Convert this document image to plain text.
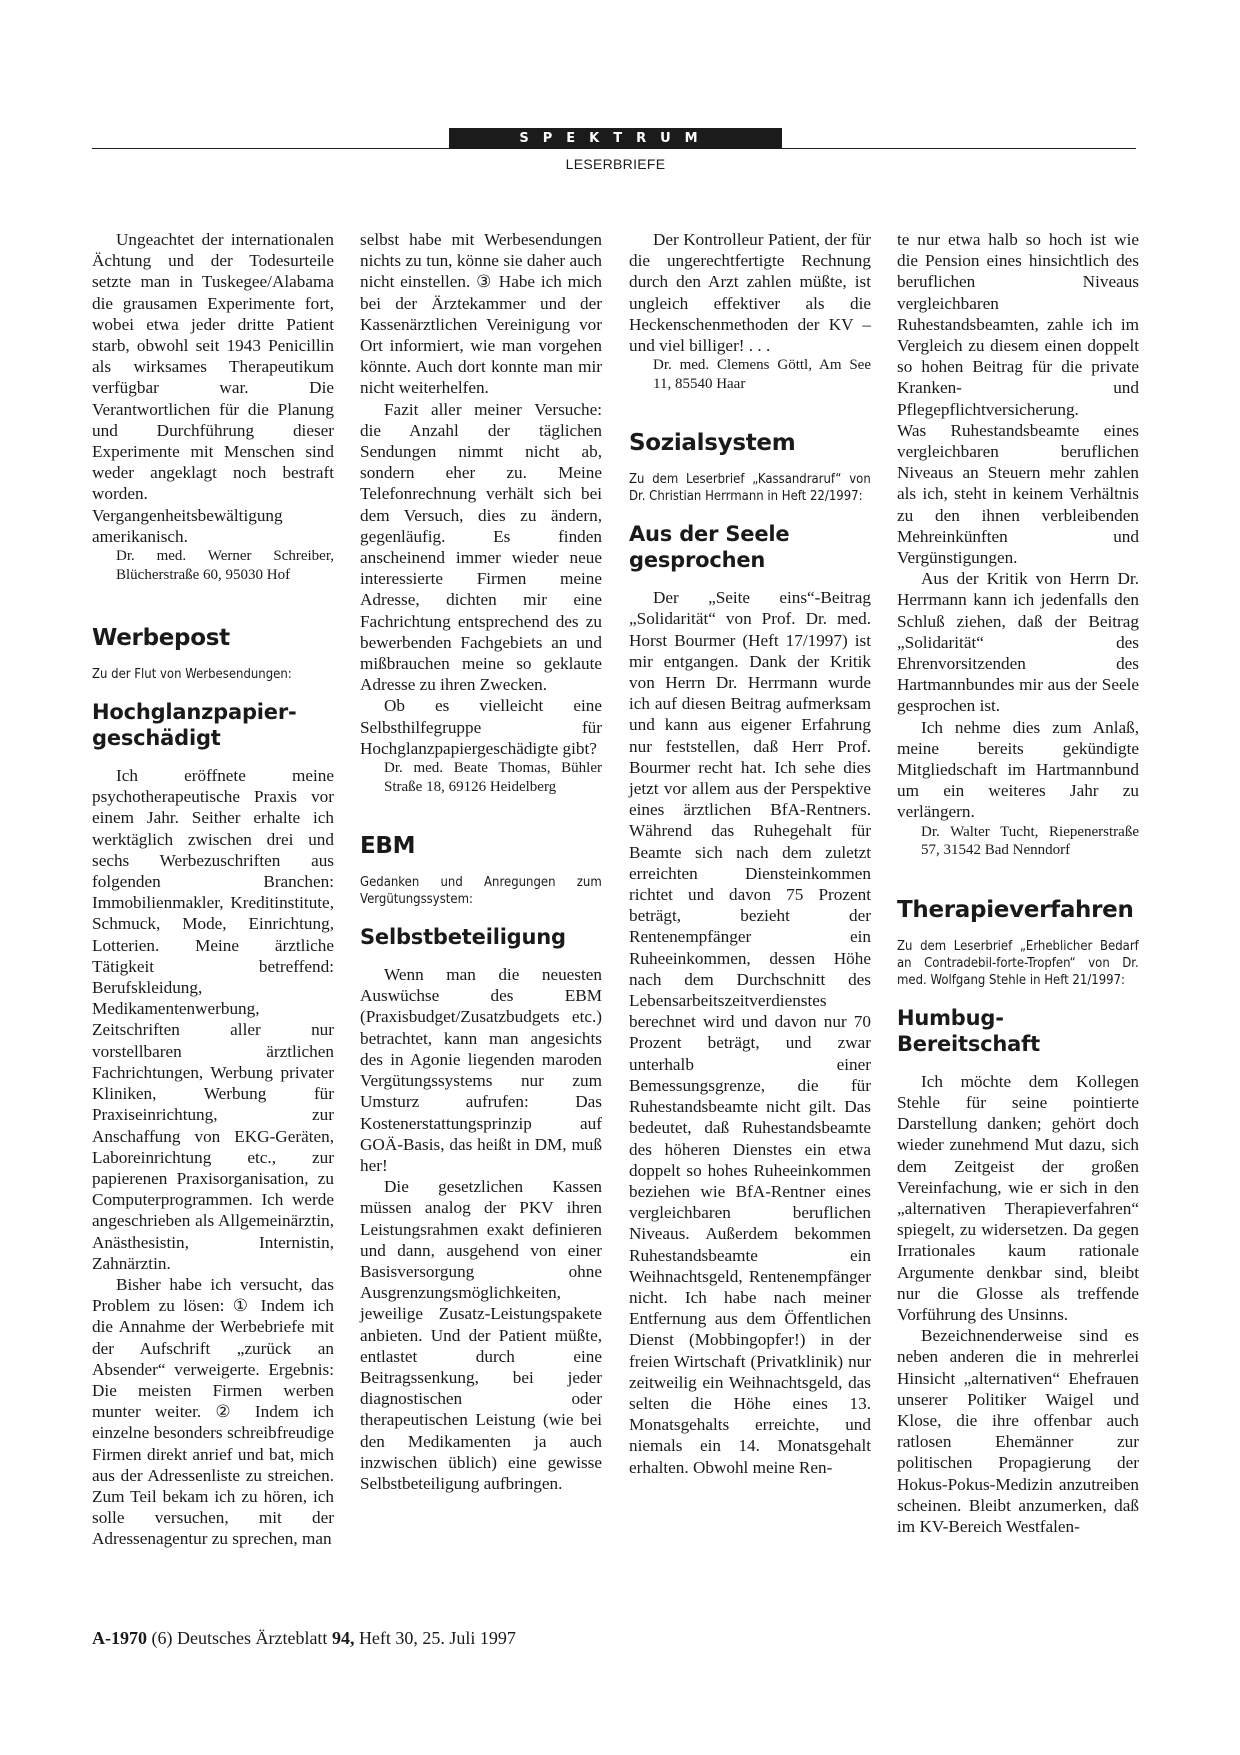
SPEKTRUM
LESERBRIEFE

Ungeachtet der internationalen Ächtung und der Todesurteile setzte man in Tuskegee/Alabama die grausamen Experimente fort, wobei etwa jeder dritte Patient starb, obwohl seit 1943 Penicillin als wirksames Therapeutikum verfügbar war. Die Verantwortlichen für die Planung und Durchführung dieser Experimente mit Menschen sind weder angeklagt noch bestraft worden. Vergangenheitsbewältigung amerikanisch.

Dr. med. Werner Schreiber, Blücherstraße 60, 95030 Hof

Werbepost

Zu der Flut von Werbesendungen:

Hochglanzpapier-geschädigt

Ich eröffnete meine psychotherapeutische Praxis vor einem Jahr. Seither erhalte ich werktäglich zwischen drei und sechs Werbezuschriften aus folgenden Branchen: Immobilienmakler, Kreditinstitute, Schmuck, Mode, Einrichtung, Lotterien. Meine ärztliche Tätigkeit betreffend: Berufskleidung, Medikamentenwerbung, Zeitschriften aller nur vorstellbaren ärztlichen Fachrichtungen, Werbung privater Kliniken, Werbung für Praxiseinrichtung, zur Anschaffung von EKG-Geräten, Laboreinrichtung etc., zur papierenen Praxisorganisation, zu Computerprogrammen. Ich werde angeschrieben als Allgemeinärztin, Anästhesistin, Internistin, Zahnärztin.

Bisher habe ich versucht, das Problem zu lösen: ① Indem ich die Annahme der Werbebriefe mit der Aufschrift „zurück an Absender“ verweigerte. Ergebnis: Die meisten Firmen werben munter weiter. ② Indem ich einzelne besonders schreibfreudige Firmen direkt anrief und bat, mich aus der Adressenliste zu streichen. Zum Teil bekam ich zu hören, ich solle versuchen, mit der Adressenagentur zu sprechen, man

selbst habe mit Werbesendungen nichts zu tun, könne sie daher auch nicht einstellen. ③ Habe ich mich bei der Ärztekammer und der Kassenärztlichen Vereinigung vor Ort informiert, wie man vorgehen könnte. Auch dort konnte man mir nicht weiterhelfen.

Fazit aller meiner Versuche: die Anzahl der täglichen Sendungen nimmt nicht ab, sondern eher zu. Meine Telefonrechnung verhält sich bei dem Versuch, dies zu ändern, gegenläufig. Es finden anscheinend immer wieder neue interessierte Firmen meine Adresse, dichten mir eine Fachrichtung entsprechend des zu bewerbenden Fachgebiets an und mißbrauchen meine so geklaute Adresse zu ihren Zwecken.

Ob es vielleicht eine Selbsthilfegruppe für Hochglanzpapiergeschädigte gibt?

Dr. med. Beate Thomas, Bühler Straße 18, 69126 Heidelberg

EBM

Gedanken und Anregungen zum Vergütungssystem:

Selbstbeteiligung

Wenn man die neuesten Auswüchse des EBM (Praxisbudget/Zusatzbudgets etc.) betrachtet, kann man angesichts des in Agonie liegenden maroden Vergütungssystems nur zum Umsturz aufrufen: Das Kostenerstattungsprinzip auf GOÄ-Basis, das heißt in DM, muß her!

Die gesetzlichen Kassen müssen analog der PKV ihren Leistungsrahmen exakt definieren und dann, ausgehend von einer Basisversorgung ohne Ausgrenzungsmöglichkeiten, jeweilige Zusatz-Leistungspakete anbieten. Und der Patient müßte, entlastet durch eine Beitragssenkung, bei jeder diagnostischen oder therapeutischen Leistung (wie bei den Medikamenten ja auch inzwischen üblich) eine gewisse Selbstbeteiligung aufbringen.

Der Kontrolleur Patient, der für die ungerechtfertigte Rechnung durch den Arzt zahlen müßte, ist ungleich effektiver als die Heckenschenmethoden der KV – und viel billiger! . . .

Dr. med. Clemens Göttl, Am See 11, 85540 Haar

Sozialsystem

Zu dem Leserbrief „Kassandraruf“ von Dr. Christian Herrmann in Heft 22/1997:

Aus der Seele gesprochen

Der „Seite eins“-Beitrag „Solidarität“ von Prof. Dr. med. Horst Bourmer (Heft 17/1997) ist mir entgangen. Dank der Kritik von Herrn Dr. Herrmann wurde ich auf diesen Beitrag aufmerksam und kann aus eigener Erfahrung nur feststellen, daß Herr Prof. Bourmer recht hat. Ich sehe dies jetzt vor allem aus der Perspektive eines ärztlichen BfA-Rentners. Während das Ruhegehalt für Beamte sich nach dem zuletzt erreichten Diensteinkommen richtet und davon 75 Prozent beträgt, bezieht der Rentenempfänger ein Ruheeinkommen, dessen Höhe nach dem Durchschnitt des Lebensarbeitszeitverdienstes berechnet wird und davon nur 70 Prozent beträgt, und zwar unterhalb einer Bemessungsgrenze, die für Ruhestandsbeamte nicht gilt. Das bedeutet, daß Ruhestandsbeamte des höheren Dienstes ein etwa doppelt so hohes Ruheeinkommen beziehen wie BfA-Rentner eines vergleichbaren beruflichen Niveaus. Außerdem bekommen Ruhestandsbeamte ein Weihnachtsgeld, Rentenempfänger nicht. Ich habe nach meiner Entfernung aus dem Öffentlichen Dienst (Mobbingopfer!) in der freien Wirtschaft (Privatklinik) nur zeitweilig ein Weihnachtsgeld, das selten die Höhe eines 13. Monatsgehalts erreichte, und niemals ein 14. Monatsgehalt erhalten. Obwohl meine Ren-

te nur etwa halb so hoch ist wie die Pension eines hinsichtlich des beruflichen Niveaus vergleichbaren Ruhestandsbeamten, zahle ich im Vergleich zu diesem einen doppelt so hohen Beitrag für die private Kranken- und Pflegepflichtversicherung.

Was Ruhestandsbeamte eines vergleichbaren beruflichen Niveaus an Steuern mehr zahlen als ich, steht in keinem Verhältnis zu den ihnen verbleibenden Mehreinkünften und Vergünstigungen.

Aus der Kritik von Herrn Dr. Herrmann kann ich jedenfalls den Schluß ziehen, daß der Beitrag „Solidarität“ des Ehrenvorsitzenden des Hartmannbundes mir aus der Seele gesprochen ist.

Ich nehme dies zum Anlaß, meine bereits gekündigte Mitgliedschaft im Hartmannbund um ein weiteres Jahr zu verlängern.

Dr. Walter Tucht, Riepenerstraße 57, 31542 Bad Nenndorf

Therapieverfahren

Zu dem Leserbrief „Erheblicher Bedarf an Contradebil-forte-Tropfen“ von Dr. med. Wolfgang Stehle in Heft 21/1997:

Humbug-Bereitschaft

Ich möchte dem Kollegen Stehle für seine pointierte Darstellung danken; gehört doch wieder zunehmend Mut dazu, sich dem Zeitgeist der großen Vereinfachung, wie er sich in den „alternativen Therapieverfahren“ spiegelt, zu widersetzen. Da gegen Irrationales kaum rationale Argumente denkbar sind, bleibt nur die Glosse als treffende Vorführung des Unsinns.

Bezeichnenderweise sind es neben anderen die in mehrerlei Hinsicht „alternativen“ Ehefrauen unserer Politiker Waigel und Klose, die ihre offenbar auch ratlosen Ehemänner zur politischen Propagierung der Hokus-Pokus-Medizin anzutreiben scheinen. Bleibt anzumerken, daß im KV-Bereich Westfalen-

A-1970 (6) Deutsches Ärzteblatt 94, Heft 30, 25. Juli 1997
